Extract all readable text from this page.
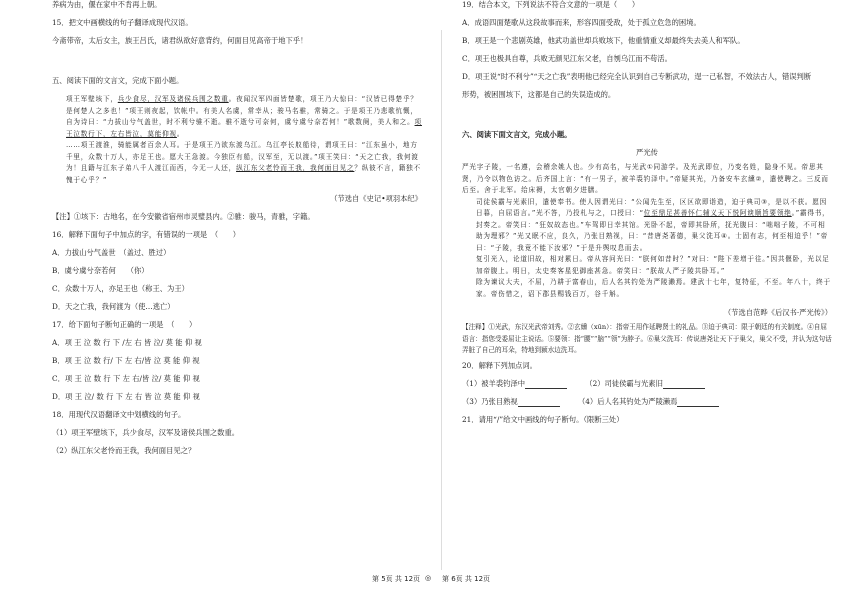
养病为由，偃在家中不肯再上朝。

15．把文中画横线的句子翻译成现代汉语。

今斋带帝，太后女主，族王吕氏，诸君纵欲好意背约，何面目见高帝于地下乎！

五、阅读下面的文言文，完成下面小题。

项王军壁垓下，兵少食尽，汉军及诸侯兵围之数重。夜闻汉军四面皆楚歌，项王乃大惊曰：“汉皆已得楚乎？是何楚人之多也！”项王则夜起，饮帐中。有美人名虞，常幸从；骏马名骓，常骑之。于是项王乃悲歌忼慨，自为诗曰：“力拔山兮气盖世，时不利兮骓不逝。骓不逝兮可奈何，虞兮虞兮奈若何！”歌数阕，美人和之。项王泣数行下，左右皆泣，莫能仰视。

……项王渡淮，骑能属者百余人耳。于是项王乃欲东渡乌江。乌江亭长舣船待，谓项王曰：“江东虽小，地方千里，众数十万人，亦足王也。愿大王急渡。今独臣有船，汉军至，无以渡。”项王笑曰：“天之亡我，我何渡为！且籍与江东子弟八千人渡江而西，今无一人还，纵江东父老怜而王我，我何面目见之？纵彼不言，籍独不愧于心乎？”

（节选自《史记•项羽本纪》

【注】①垓下：古地名，在今安徽省宿州市灵璧县内。②骓：骏马，青骓，字籍。

16．解释下面句子中加点的字，有错误的一项是　（　　）

A．力拔山兮气盖世　（盖过、胜过）

B．虞兮虞兮奈若何　　（你）

C．众数十万人，亦足王也（称王、为王）

D．天之亡我，我何渡为（使…逃亡）

17．给下面句子断句正确的一项是　（　　）

A．项 王 泣 数 行 下 /左 右 皆 泣/ 莫 能 仰 视

B．项 王 泣 数 行/ 下 左 右/皆 泣 莫 能 仰 视

C．项 王 泣 数 行 下 左 右/皆 泣/ 莫 能 仰 视

D．项 王 泣/ 数 行 下 左 右 皆 泣 莫 能 仰 视

18．用现代汉语翻译文中划横线的句子。

（1）项王军壁垓下，兵少食尽，汉军及诸侯兵围之数重。

（2）纵江东父老怜而王我，我何面目见之？

19．结合本文，下列说法不符合文意的一项是（　　）

A．成语四面楚歌从这段故事而来，形容四面受敌，处于孤立危急的困境。

B．项王是一个悲剧英雄，他武功盖世却兵败垓下，他重情重义却最终失去美人和军队。

C．项王也极具自尊，兵败无颜见江东父老，自刎乌江而不苟活。

D．项王说“时不利兮”“天之亡我”表明他已经完全认识到自己专断武功，逞一己私智，不效法古人，错误判断

形势，被困围垓下，这都是自己的失误造成的。

六、阅读下面文言文，完成小题。

严光传

严光字子陵，一名遵，会稽余姚人也。少有高名，与光武①同游学。及光武即位，乃变名姓，隐身不见。帝思其贤，乃令以物色访之。后齐国上言：“有一男子，被羊裘钓泽中。”帝疑其光，乃备安车玄纁②，遣使聘之。三反而后至。舍于北军。给床褥，太官朝夕进膳。

司徒侯霸与光素旧，遣使奉书。使人因谓光曰：“公闻先生至，区区欲即诣造，迫于典司③，是以不获。愿因日暮，自屈语言。”光不答，乃投札与之，口授曰：“位至鼎足甚善怀仁辅义天下悦阿谀顺旨要领绝。”霸得书，封奏之。帝笑曰：“狂奴故态也。”车驾即日幸其馆。光卧不起，帝即其卧所，抚光腹曰：“咄咄子陵，不可相助为理邪？”光又眠不应，良久，乃张目熟视，曰：“昔唐尧著德，巢父洗耳④。士固有志，何至相迫乎！”帝曰：“子陵，我竟不能下汝邪？”于是升舆叹息而去。

复引光入，论道旧故，相对累日。帝从容问光曰：“朕何如昔时？”对曰：“陛下差增于往。”因共偃卧，光以足加帝腹上。明日，太史奏客星犯御座甚急。帝笑曰：“朕故人严子陵共卧耳。”

除为谏议大夫，不屈，乃耕于富春山，后人名其钓处为严陵濑焉。建武十七年，复特征，不至。年八十，终于家。帝伤惜之，诏下郡县赐钱百万，谷千斛。

（节选自范晔《后汉书·严光传》）

【注释】①光武，东汉光武帝刘秀。②玄纁（xūn）：指帝王用作延聘贤士的礼品。③迫于典司：限于朝廷的有关制度。④自屈语言：指您受委屈让主说话。⑤要领：指“腰”“脑”“领”为脖子。⑥巢父洗耳：传说唐尧让天下于巢父，巢父不受，并认为这句话弄脏了自己的耳朵，特地到颍水边洗耳。

20．解释下列加点词。

（1）被羊裘钓泽中　　　	（2）司徒侯霸与光素旧

（3）乃张目熟视　　　	（4）后人名其钓处为严陵濑焉

21．请用“/”给文中画线的句子断句。（限断三处）

第 5页 共 12页 ◎ 第 6页 共 12页
